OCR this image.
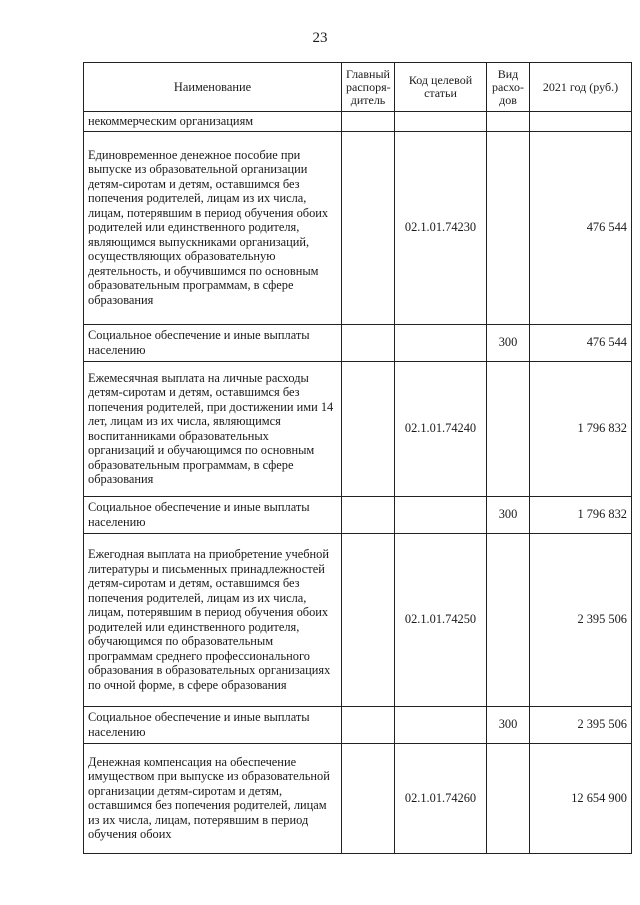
23
Наименование	Главный распоря-дитель	Код целевой статьи	Вид расхо-дов	2021 год (руб.)
некоммерческим организациям				
Единовременное денежное пособие при выпуске из образовательной организации детям-сиротам и детям, оставшимся без попечения родителей, лицам из их числа, лицам, потерявшим в период обучения обоих родителей или единственного родителя, являющимся выпускниками организаций, осуществляющих образовательную деятельность, и обучившимся по основным образовательным программам, в сфере образования		02.1.01.74230		476 544
Социальное обеспечение и иные выплаты населению			300	476 544
Ежемесячная выплата на личные расходы детям-сиротам и детям, оставшимся без попечения родителей, при достижении ими 14 лет, лицам из их числа, являющимся воспитанниками образовательных организаций и обучающимся по основным образовательным программам, в сфере образования		02.1.01.74240		1 796 832
Социальное обеспечение и иные выплаты населению			300	1 796 832
Ежегодная выплата на приобретение учебной литературы и письменных принадлежностей детям-сиротам и детям, оставшимся без попечения родителей, лицам из их числа, лицам, потерявшим в период обучения обоих родителей или единственного родителя, обучающимся по образовательным программам среднего профессионального образования в образовательных организациях по очной форме, в сфере образования		02.1.01.74250		2 395 506
Социальное обеспечение и иные выплаты населению			300	2 395 506
Денежная компенсация на обеспечение имуществом при выпуске из образовательной организации детям-сиротам и детям, оставшимся без попечения родителей, лицам из их числа, лицам, потерявшим в период обучения обоих		02.1.01.74260		12 654 900
